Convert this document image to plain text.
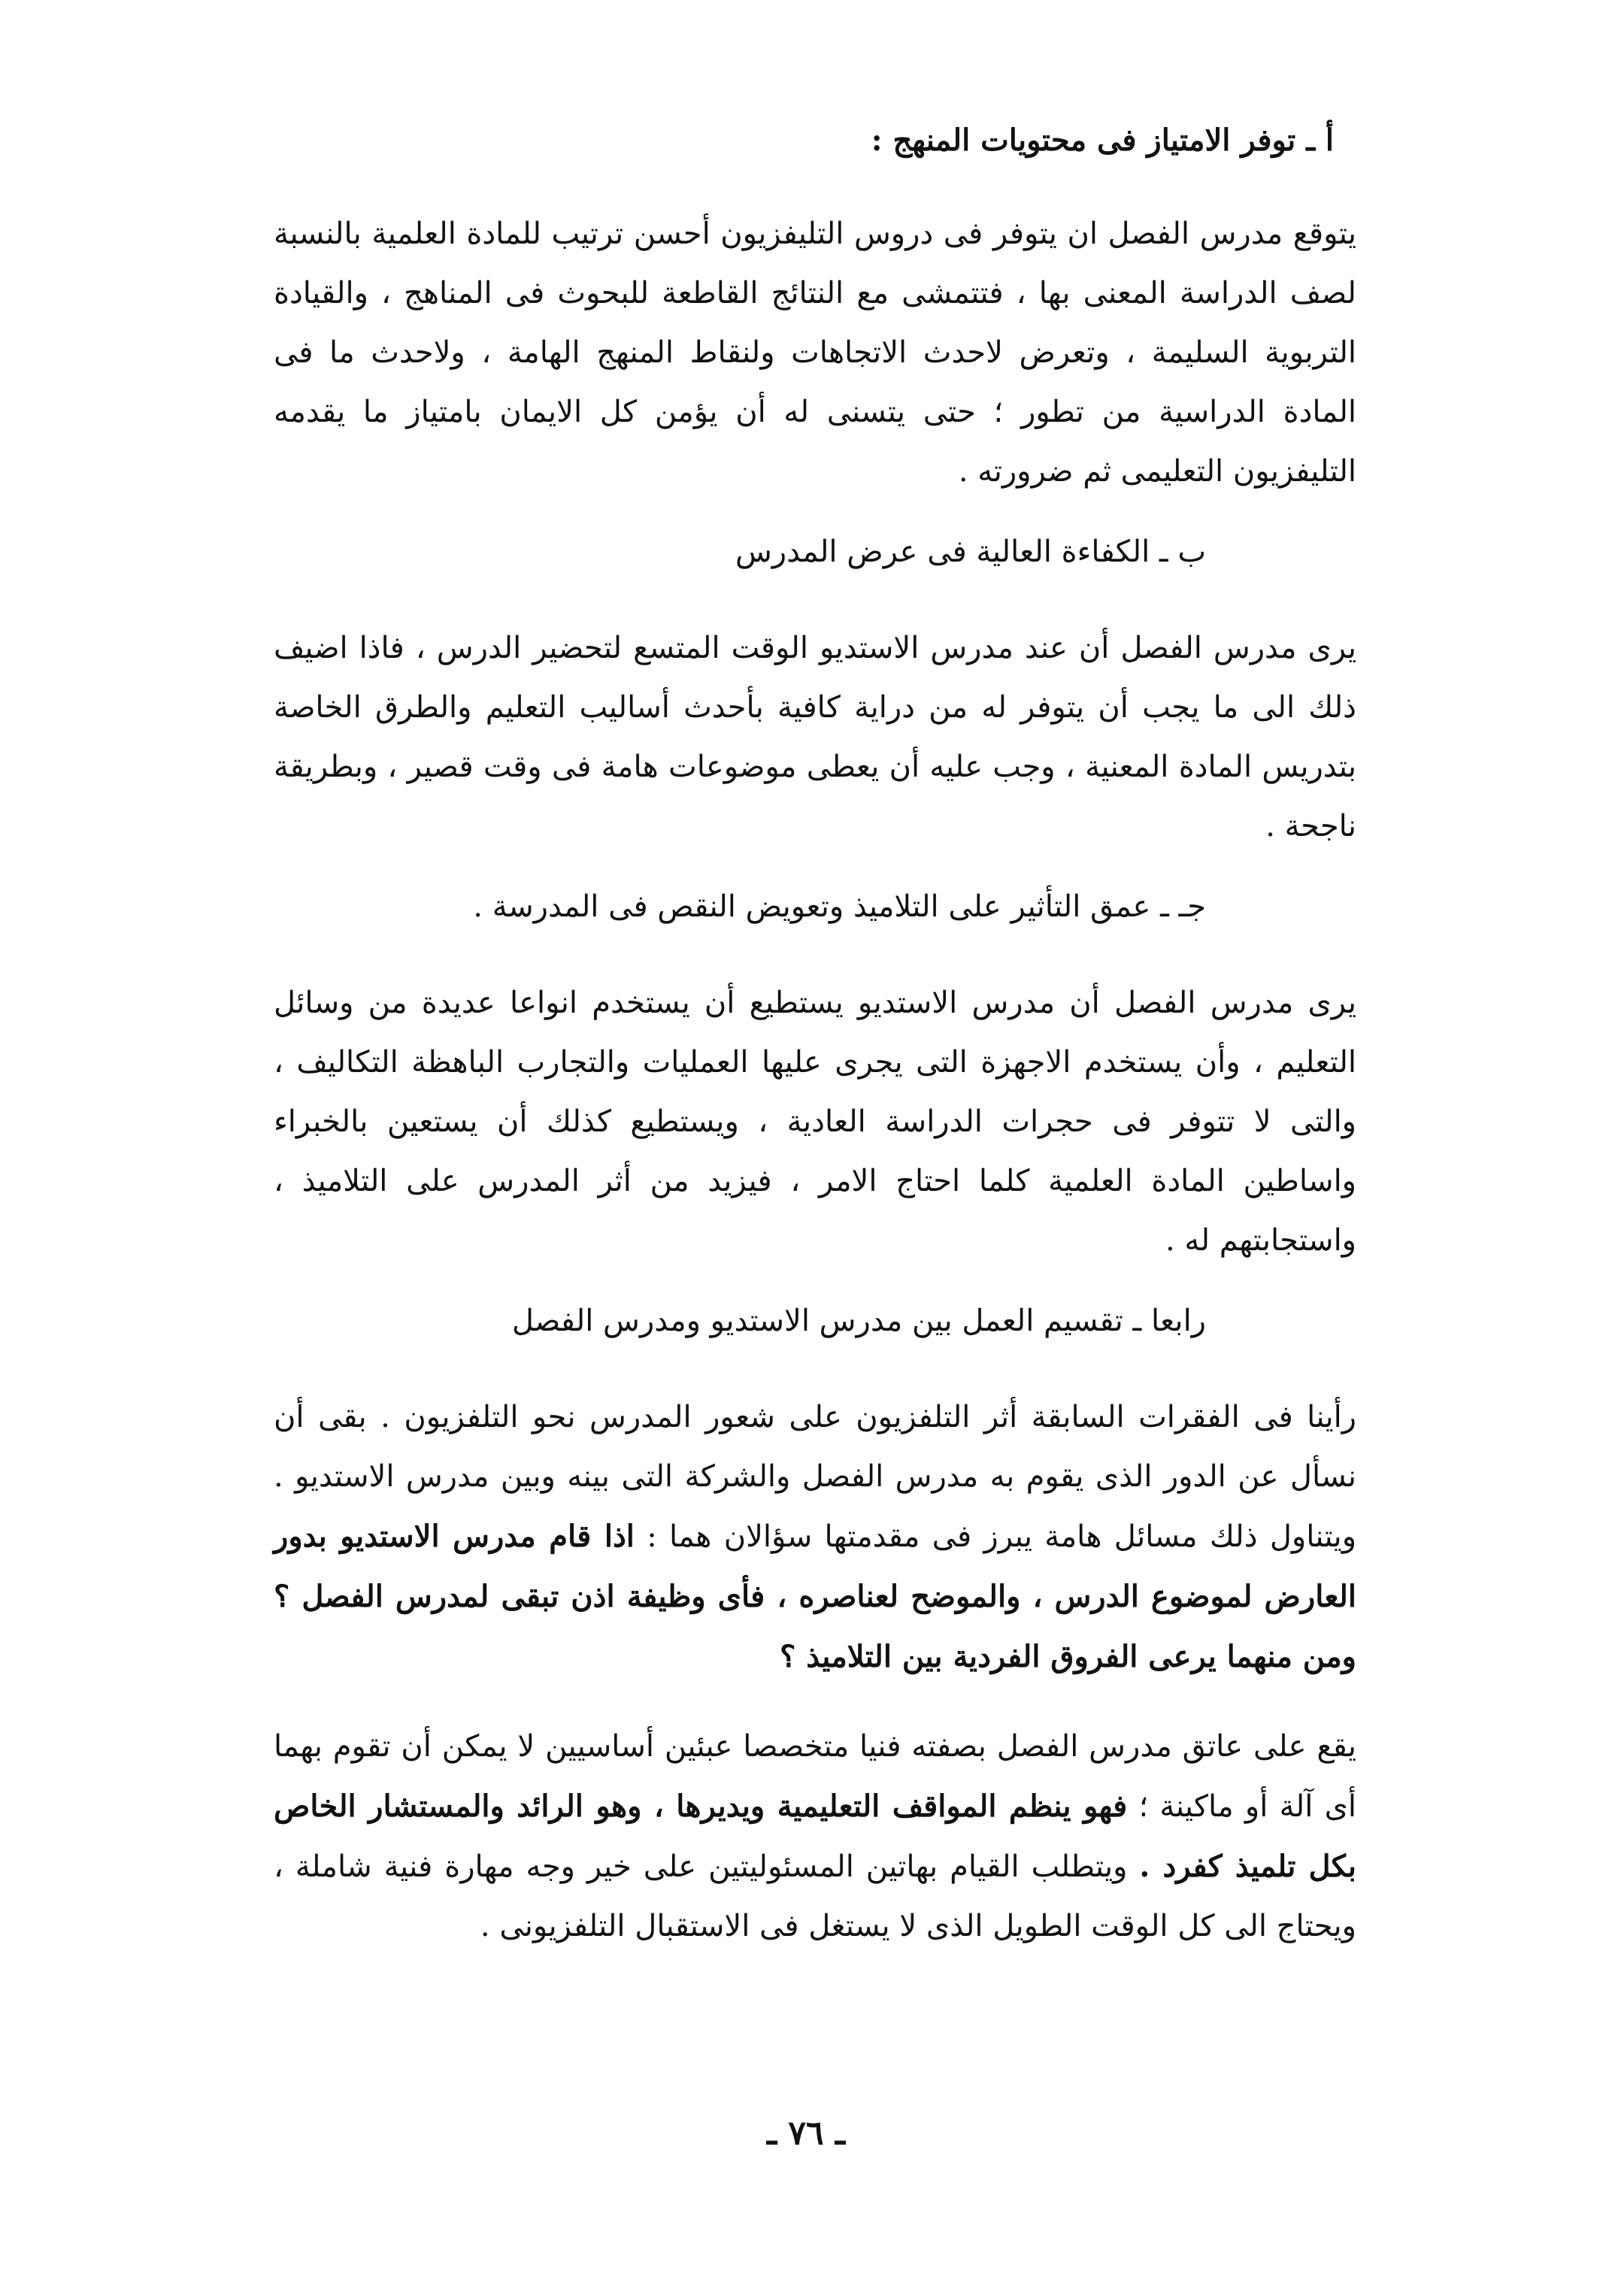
أ ـ توفر الامتياز فى محتويات المنهج :

يتوقع مدرس الفصل ان يتوفر فى دروس التليفزيون أحسن ترتيب للمادة العلمية بالنسبة لصف الدراسة المعنى بها ، فتتمشى مع النتائج القاطعة للبحوث فى المناهج ، والقيادة التربوية السليمة ، وتعرض لاحدث الاتجاهات ولنقاط المنهج الهامة ، ولاحدث ما فى المادة الدراسية من تطور ؛ حتى يتسنى له أن يؤمن كل الايمان بامتياز ما يقدمه التليفزيون التعليمى ثم ضرورته .

ب ـ الكفاءة العالية فى عرض المدرس

يرى مدرس الفصل أن عند مدرس الاستديو الوقت المتسع لتحضير الدرس ، فاذا اضيف ذلك الى ما يجب أن يتوفر له من دراية كافية بأحدث أساليب التعليم والطرق الخاصة بتدريس المادة المعنية ، وجب عليه أن يعطى موضوعات هامة فى وقت قصير ، وبطريقة ناجحة .

جـ ـ عمق التأثير على التلاميذ وتعويض النقص فى المدرسة .

يرى مدرس الفصل أن مدرس الاستديو يستطيع أن يستخدم انواعا عديدة من وسائل التعليم ، وأن يستخدم الاجهزة التى يجرى عليها العمليات والتجارب الباهظة التكاليف ، والتى لا تتوفر فى حجرات الدراسة العادية ، ويستطيع كذلك أن يستعين بالخبراء واساطين المادة العلمية كلما احتاج الامر ، فيزيد من أثر المدرس على التلاميذ ، واستجابتهم له .

رابعا ـ تقسيم العمل بين مدرس الاستديو ومدرس الفصل

رأينا فى الفقرات السابقة أثر التلفزيون على شعور المدرس نحو التلفزيون . بقى أن نسأل عن الدور الذى يقوم به مدرس الفصل والشركة التى بينه وبين مدرس الاستديو . ويتناول ذلك مسائل هامة يبرز فى مقدمتها سؤالان هما : اذا قام مدرس الاستديو بدور العارض لموضوع الدرس ، والموضح لعناصره ، فأى وظيفة اذن تبقى لمدرس الفصل ؟ ومن منهما يرعى الفروق الفردية بين التلاميذ ؟

يقع على عاتق مدرس الفصل بصفته فنيا متخصصا عبئين أساسيين لا يمكن أن تقوم بهما أى آلة أو ماكينة ؛ فهو ينظم المواقف التعليمية ويديرها ، وهو الرائد والمستشار الخاص بكل تلميذ كفرد . ويتطلب القيام بهاتين المسئوليتين على خير وجه مهارة فنية شاملة ، ويحتاج الى كل الوقت الطويل الذى لا يستغل فى الاستقبال التلفزيونى .

ـ ٧٦ ـ
